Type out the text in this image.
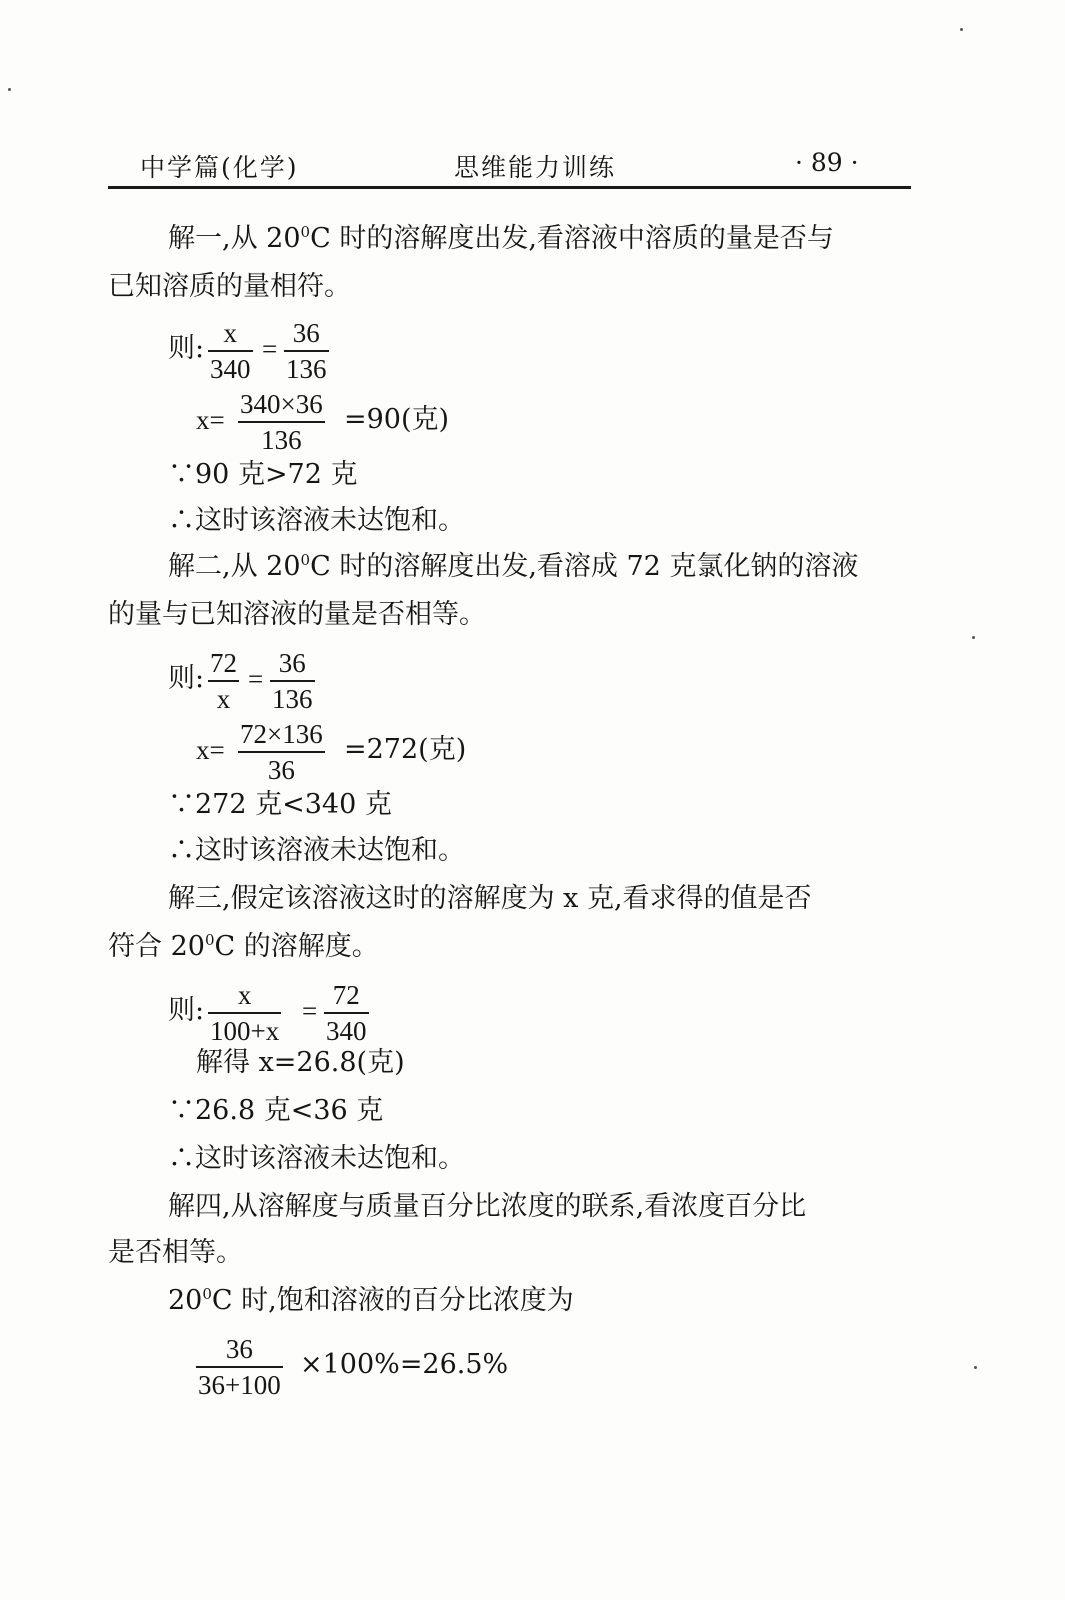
中学篇(化学)	思维能力训练	· 89 ·
解一,从 $20^0C$ 时的溶解度出发,看溶液中溶质的量是否与
已知溶质的量相符。
则: x
340
=
36
136
x=
340×36
136
=90(克)
∵90 克>72 克
∴这时该溶液未达饱和。
解二,从 $20^0C$ 时的溶解度出发,看溶成 72 克氯化钠的溶液
的量与已知溶液的量是否相等。
则: 72
x
=
36
136
x=
72×136
36
=272(克)
∵272 克<340 克
∴这时该溶液未达饱和。
解三,假定该溶液这时的溶解度为 x 克,看求得的值是否
符合 $20^0C$ 的溶解度。
则: x
100+x
=
72
340
解得 x=26.8(克)
∵26.8 克<36 克
∴这时该溶液未达饱和。
解四,从溶解度与质量百分比浓度的联系,看浓度百分比
是否相等。
$20^0C$ 时,饱和溶液的百分比浓度为
36
36+100
×100%=26.5%
